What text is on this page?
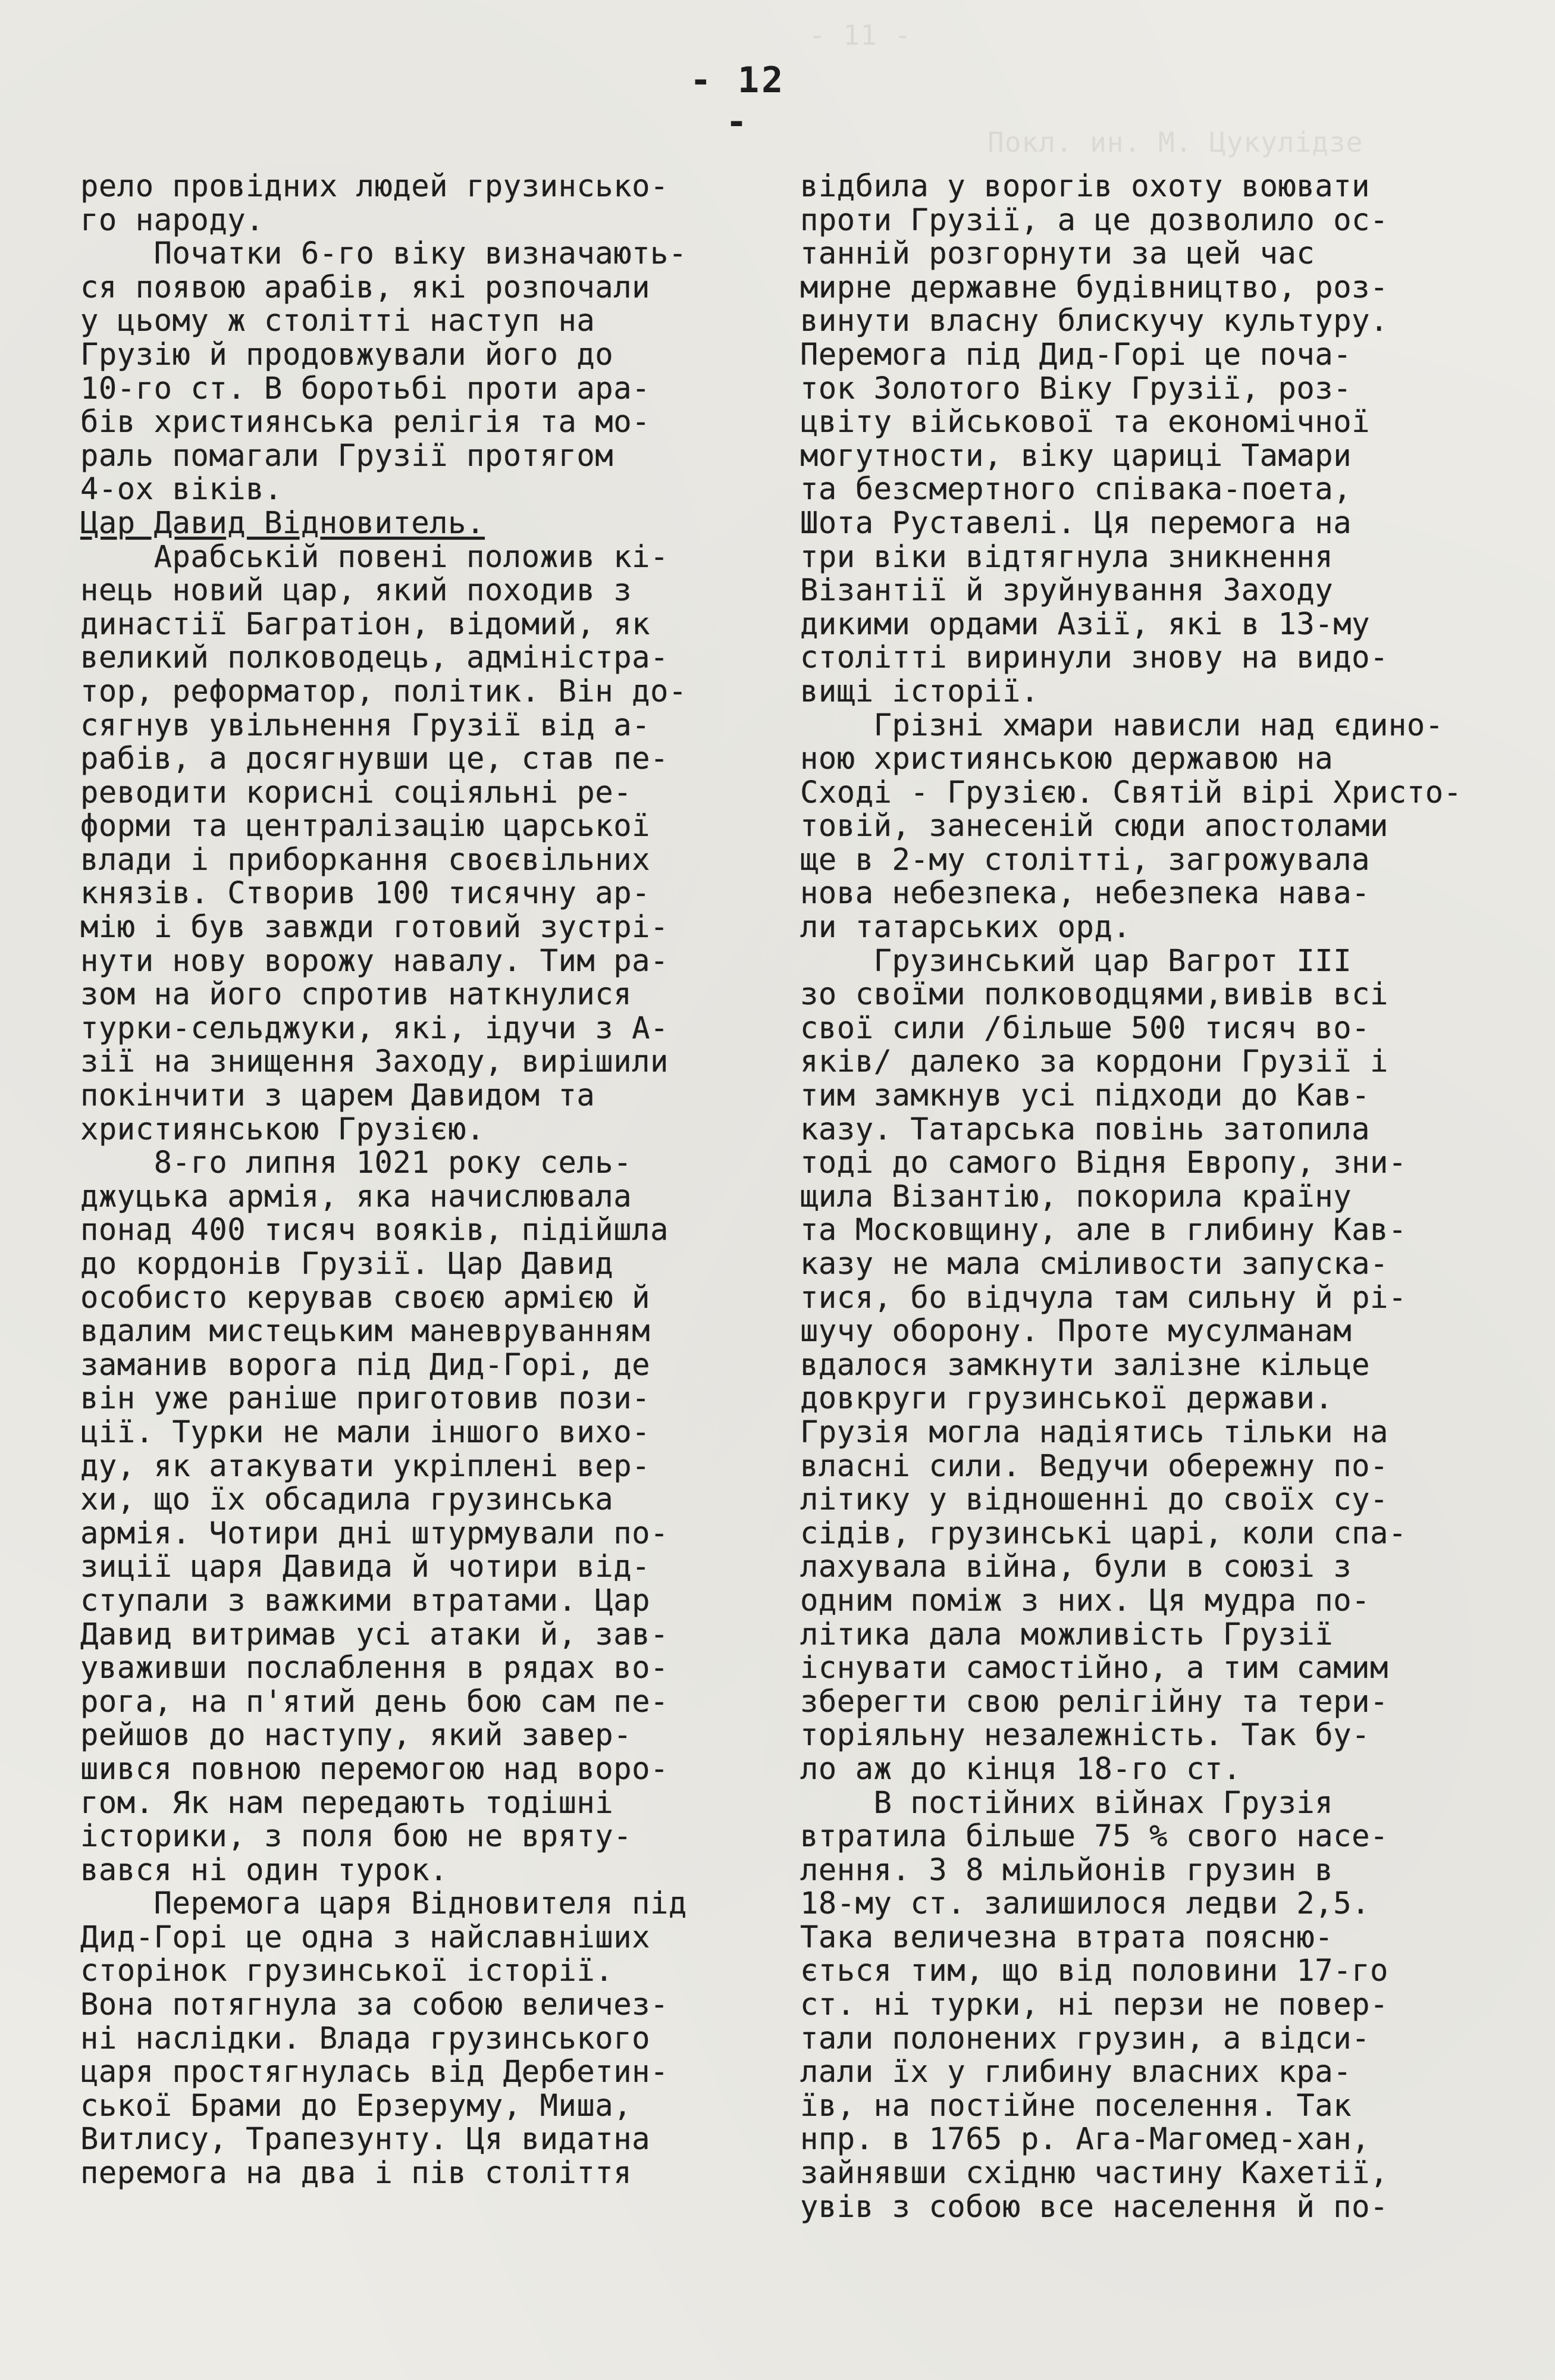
Покл. ин. М. Цукулідзе
- 11 -
- 12 -
рело провідних людей грузинсько-
го народу.
Початки 6-го віку визначають-
ся появою арабів, які розпочали
у цьому ж столітті наступ на
Грузію й продовжували його до
10-го ст. В боротьбі проти ара-
бів християнська релігія та мо-
раль помагали Грузії протягом
4-ох віків.
Цар Давид Відновитель.
Арабській повені положив кі-
нець новий цар, який походив з
династії Багратіон, відомий, як
великий полководець, адміністра-
тор, реформатор, політик. Він до-
сягнув увільнення Грузії від а-
рабів, а досягнувши це, став пе-
реводити корисні соціяльні ре-
форми та централізацію царської
влади і приборкання своєвільних
князів. Створив 100 тисячну ар-
мію і був завжди готовий зустрі-
нути нову ворожу навалу. Тим ра-
зом на його спротив наткнулися
турки-сельджуки, які, ідучи з А-
зії на знищення Заходу, вирішили
покінчити з царем Давидом та
християнською Грузією.
8-го липня 1021 року сель-
джуцька армія, яка начислювала
понад 400 тисяч вояків, підійшла
до кордонів Грузії. Цар Давид
особисто керував своєю армією й
вдалим мистецьким маневруванням
заманив ворога під Дид-Горі, де
він уже раніше приготовив пози-
ції. Турки не мали іншого вихо-
ду, як атакувати укріплені вер-
хи, що їх обсадила грузинська
армія. Чотири дні штурмували по-
зиції царя Давида й чотири від-
ступали з важкими втратами. Цар
Давид витримав усі атаки й, зав-
уваживши послаблення в рядах во-
рога, на п'ятий день бою сам пе-
рейшов до наступу, який завер-
шився повною перемогою над воро-
гом. Як нам передають тодішні
історики, з поля бою не вряту-
вався ні один турок.
Перемога царя Відновителя під
Дид-Горі це одна з найславніших
сторінок грузинської історії.
Вона потягнула за собою величез-
ні наслідки. Влада грузинського
царя простягнулась від Дербетин-
ської Брами до Ерзеруму, Миша,
Витлису, Трапезунту. Ця видатна
перемога на два і пів століття
відбила у ворогів охоту воювати
проти Грузії, а це дозволило ос-
танній розгорнути за цей час
мирне державне будівництво, роз-
винути власну блискучу культуру.
Перемога під Дид-Горі це поча-
ток Золотого Віку Грузії, роз-
цвіту військової та економічної
могутности, віку цариці Тамари
та безсмертного співака-поета,
Шота Руставелі. Ця перемога на
три віки відтягнула зникнення
Візантії й зруйнування Заходу
дикими ордами Азії, які в 13-му
столітті виринули знову на видо-
вищі історії.
Грізні хмари нависли над єдино-
ною християнською державою на
Сході - Грузією. Святій вірі Христо-
товій, занесеній сюди апостолами
ще в 2-му столітті, загрожувала
нова небезпека, небезпека нава-
ли татарських орд.
Грузинський цар Вагрот III
зо своїми полководцями,вивів всі
свої сили /більше 500 тисяч во-
яків/ далеко за кордони Грузії і
тим замкнув усі підходи до Кав-
казу. Татарська повінь затопила
тоді до самого Відня Европу, зни-
щила Візантію, покорила країну
та Московщину, але в глибину Кав-
казу не мала сміливости запуска-
тися, бо відчула там сильну й рі-
шучу оборону. Проте мусулманам
вдалося замкнути залізне кільце
довкруги грузинської держави.
Грузія могла надіятись тільки на
власні сили. Ведучи обережну по-
літику у відношенні до своїх су-
сідів, грузинські царі, коли спа-
лахувала війна, були в союзі з
одним поміж з них. Ця мудра по-
літика дала можливість Грузії
існувати самостійно, а тим самим
зберегти свою релігійну та тери-
торіяльну незалежність. Так бу-
ло аж до кінця 18-го ст.
В постійних війнах Грузія
втратила більше 75 % свого насе-
лення. З 8 мільйонів грузин в
18-му ст. залишилося ледви 2,5.
Така величезна втрата поясню-
ється тим, що від половини 17-го
ст. ні турки, ні перзи не повер-
тали полонених грузин, а відси-
лали їх у глибину власних кра-
їв, на постійне поселення. Так
нпр. в 1765 р. Ага-Магомед-хан,
зайнявши східню частину Кахетії,
увів з собою все населення й по-
